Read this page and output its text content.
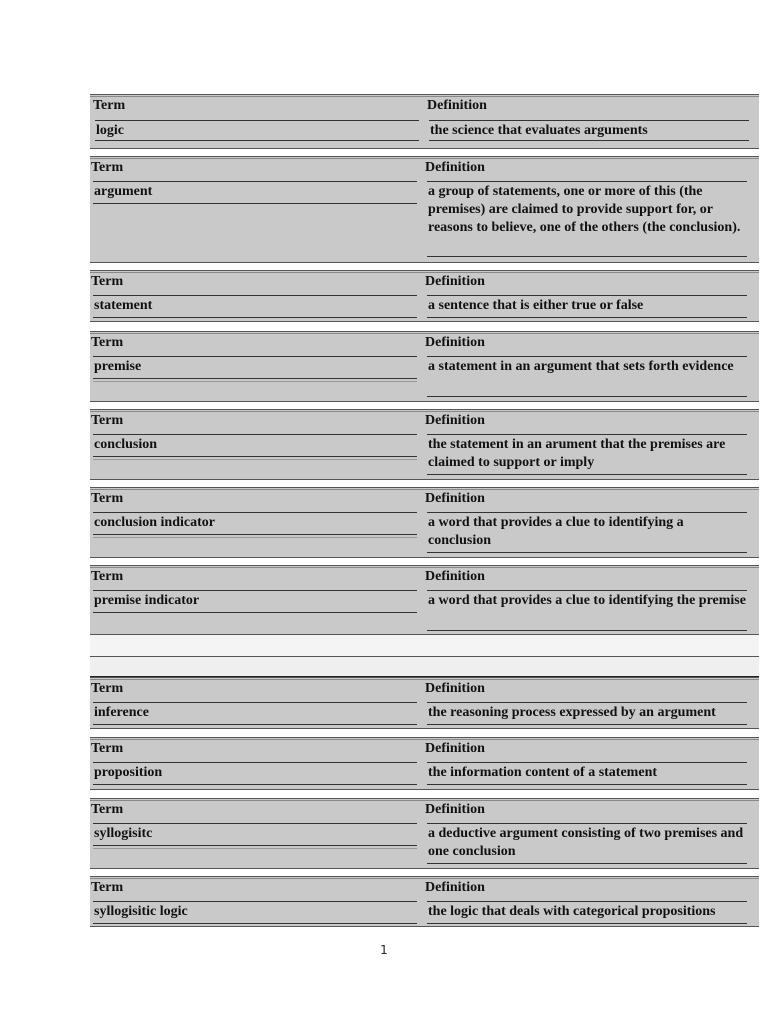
Term
logic
Definition
the science that evaluates arguments
Term
argument
Definition
a group of statements, one or more of this (the premises) are claimed to provide support for, or reasons to believe, one of the others (the conclusion).
Term
statement
Definition
a sentence that is either true or false
Term
premise
Definition
a statement in an argument that sets forth evidence
Term
conclusion
Definition
the statement in an arument that the premises are claimed to support or imply
Term
conclusion indicator
Definition
a word that provides a clue to identifying a conclusion
Term
premise indicator
Definition
a word that provides a clue to identifying the premise
Term
inference
Definition
the reasoning process expressed by an argument
Term
proposition
Definition
the information content of a statement
Term
syllogisitc
Definition
a deductive argument consisting of two premises and one conclusion
Term
syllogisitic logic
Definition
the logic that deals with categorical propositions
1
